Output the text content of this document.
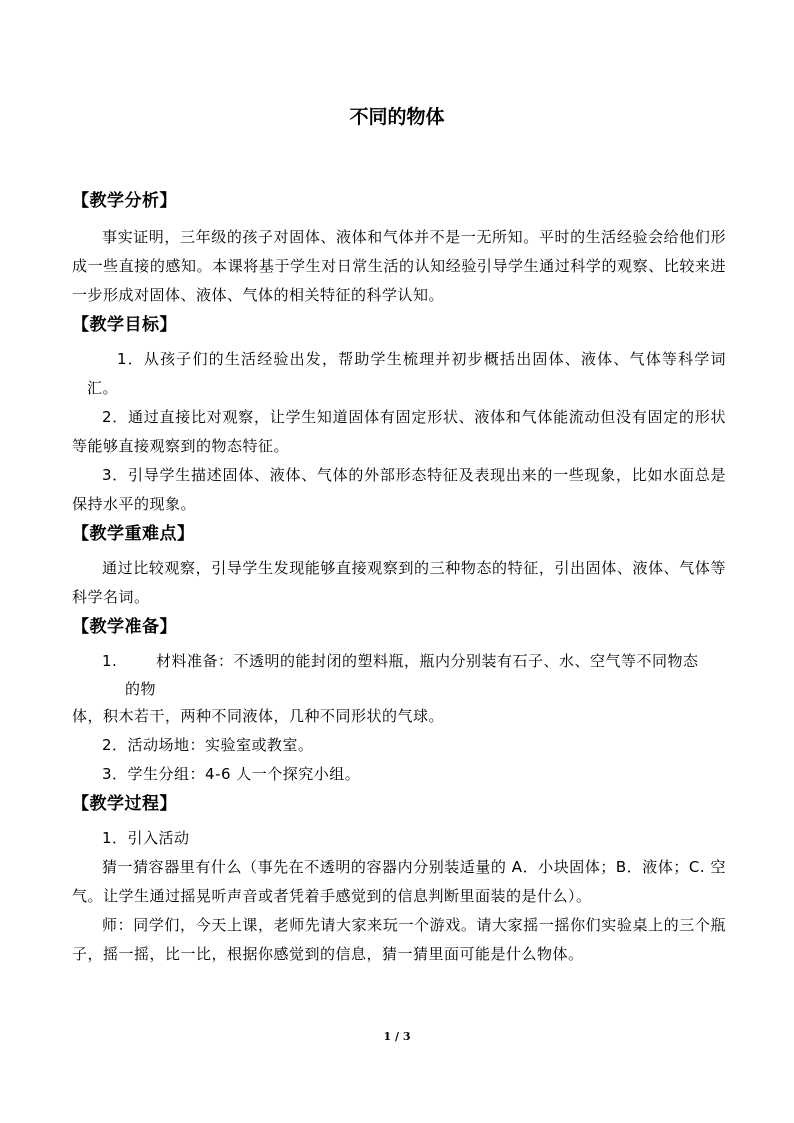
不同的物体
【教学分析】

事实证明，三年级的孩子对固体、液体和气体并不是一无所知。平时的生活经验会给他们形成一些直接的感知。本课将基于学生对日常生活的认知经验引导学生通过科学的观察、比较来进一步形成对固体、液体、气体的相关特征的科学认知。

【教学目标】

1．从孩子们的生活经验出发，帮助学生梳理并初步概括出固体、液体、气体等科学词汇。

2．通过直接比对观察，让学生知道固体有固定形状、液体和气体能流动但没有固定的形状等能够直接观察到的物态特征。

3．引导学生描述固体、液体、气体的外部形态特征及表现出来的一些现象，比如水面总是保持水平的现象。

【教学重难点】

通过比较观察，引导学生发现能够直接观察到的三种物态的特征，引出固体、液体、气体等科学名词。

【教学准备】

1.	材料准备：不透明的能封闭的塑料瓶，瓶内分别装有石子、水、空气等不同物态

的物

体，积木若干，两种不同液体，几种不同形状的气球。

2．活动场地：实验室或教室。

3．学生分组：4-6 人一个探究小组。

【教学过程】

1．引入活动

猜一猜容器里有什么（事先在不透明的容器内分别装适量的 A．小块固体；B．液体；C. 空气。让学生通过摇晃听声音或者凭着手感觉到的信息判断里面装的是什么）。

师：同学们，今天上课，老师先请大家来玩一个游戏。请大家摇一摇你们实验桌上的三个瓶子，摇一摇，比一比，根据你感觉到的信息，猜一猜里面可能是什么物体。

1 / 3
